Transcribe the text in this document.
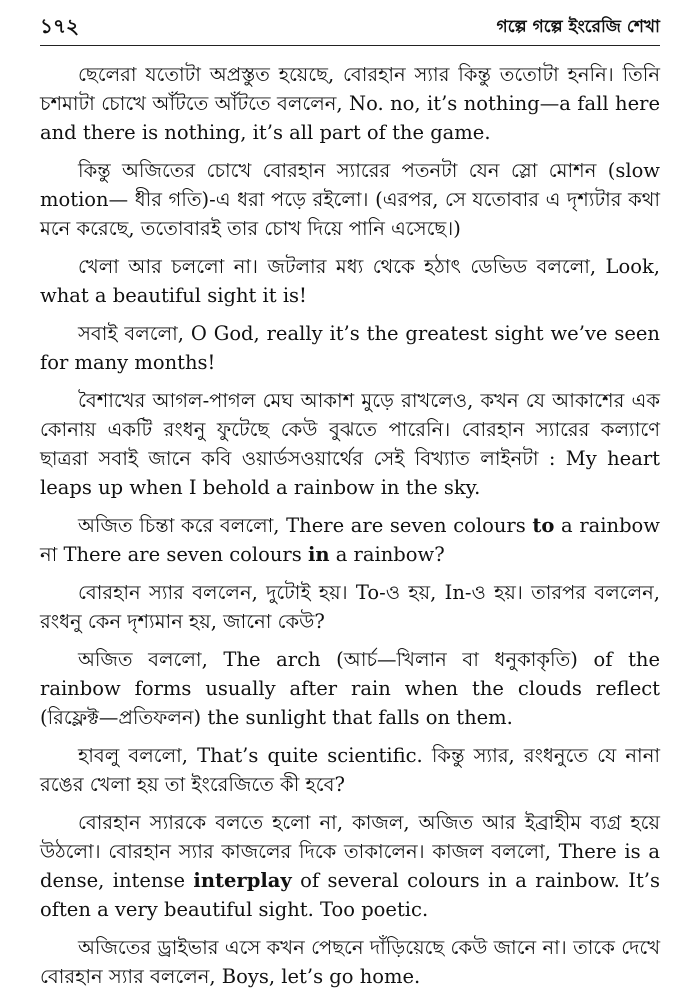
১৭২	গল্পে গল্পে ইংরেজি শেখা

ছেলেরা যতোটা অপ্রস্তুত হয়েছে, বোরহান স্যার কিন্তু ততোটা হননি। তিনি চশমাটা চোখে আঁটতে আঁটতে বললেন, No. no, it’s nothing—a fall here and there is nothing, it’s all part of the game.

কিন্তু অজিতের চোখে বোরহান স্যারের পতনটা যেন স্লো মোশন (slow motion— ধীর গতি)-এ ধরা পড়ে রইলো। (এরপর, সে যতোবার এ দৃশ্যটার কথা মনে করেছে, ততোবারই তার চোখ দিয়ে পানি এসেছে।)

খেলা আর চললো না। জটলার মধ্য থেকে হঠাৎ ডেভিড বললো, Look, what a beautiful sight it is!

সবাই বললো, O God, really it’s the greatest sight we’ve seen for many months!

বৈশাখের আগল-পাগল মেঘ আকাশ মুড়ে রাখলেও, কখন যে আকাশের এক কোনায় একটি রংধনু ফুটেছে কেউ বুঝতে পারেনি। বোরহান স্যারের কল্যাণে ছাত্ররা সবাই জানে কবি ওয়ার্ডসওয়ার্থের সেই বিখ্যাত লাইনটা : My heart leaps up when I behold a rainbow in the sky.

অজিত চিন্তা করে বললো, There are seven colours to a rainbow না There are seven colours in a rainbow?

বোরহান স্যার বললেন, দুটোই হয়। To-ও হয়, In-ও হয়। তারপর বললেন, রংধনু কেন দৃশ্যমান হয়, জানো কেউ?

অজিত বললো, The arch (আর্চ—খিলান বা ধনুকাকৃতি) of the rainbow forms usually after rain when the clouds reflect (রিফ্লেক্ট—প্রতিফলন) the sunlight that falls on them.

হাবলু বললো, That’s quite scientific. কিন্তু স্যার, রংধনুতে যে নানা রঙের খেলা হয় তা ইংরেজিতে কী হবে?

বোরহান স্যারকে বলতে হলো না, কাজল, অজিত আর ইব্রাহীম ব্যগ্র হয়ে উঠলো। বোরহান স্যার কাজলের দিকে তাকালেন। কাজল বললো, There is a dense, intense interplay of several colours in a rainbow. It’s often a very beautiful sight. Too poetic.

অজিতের ড্রাইভার এসে কখন পেছনে দাঁড়িয়েছে কেউ জানে না। তাকে দেখে বোরহান স্যার বললেন, Boys, let’s go home.
